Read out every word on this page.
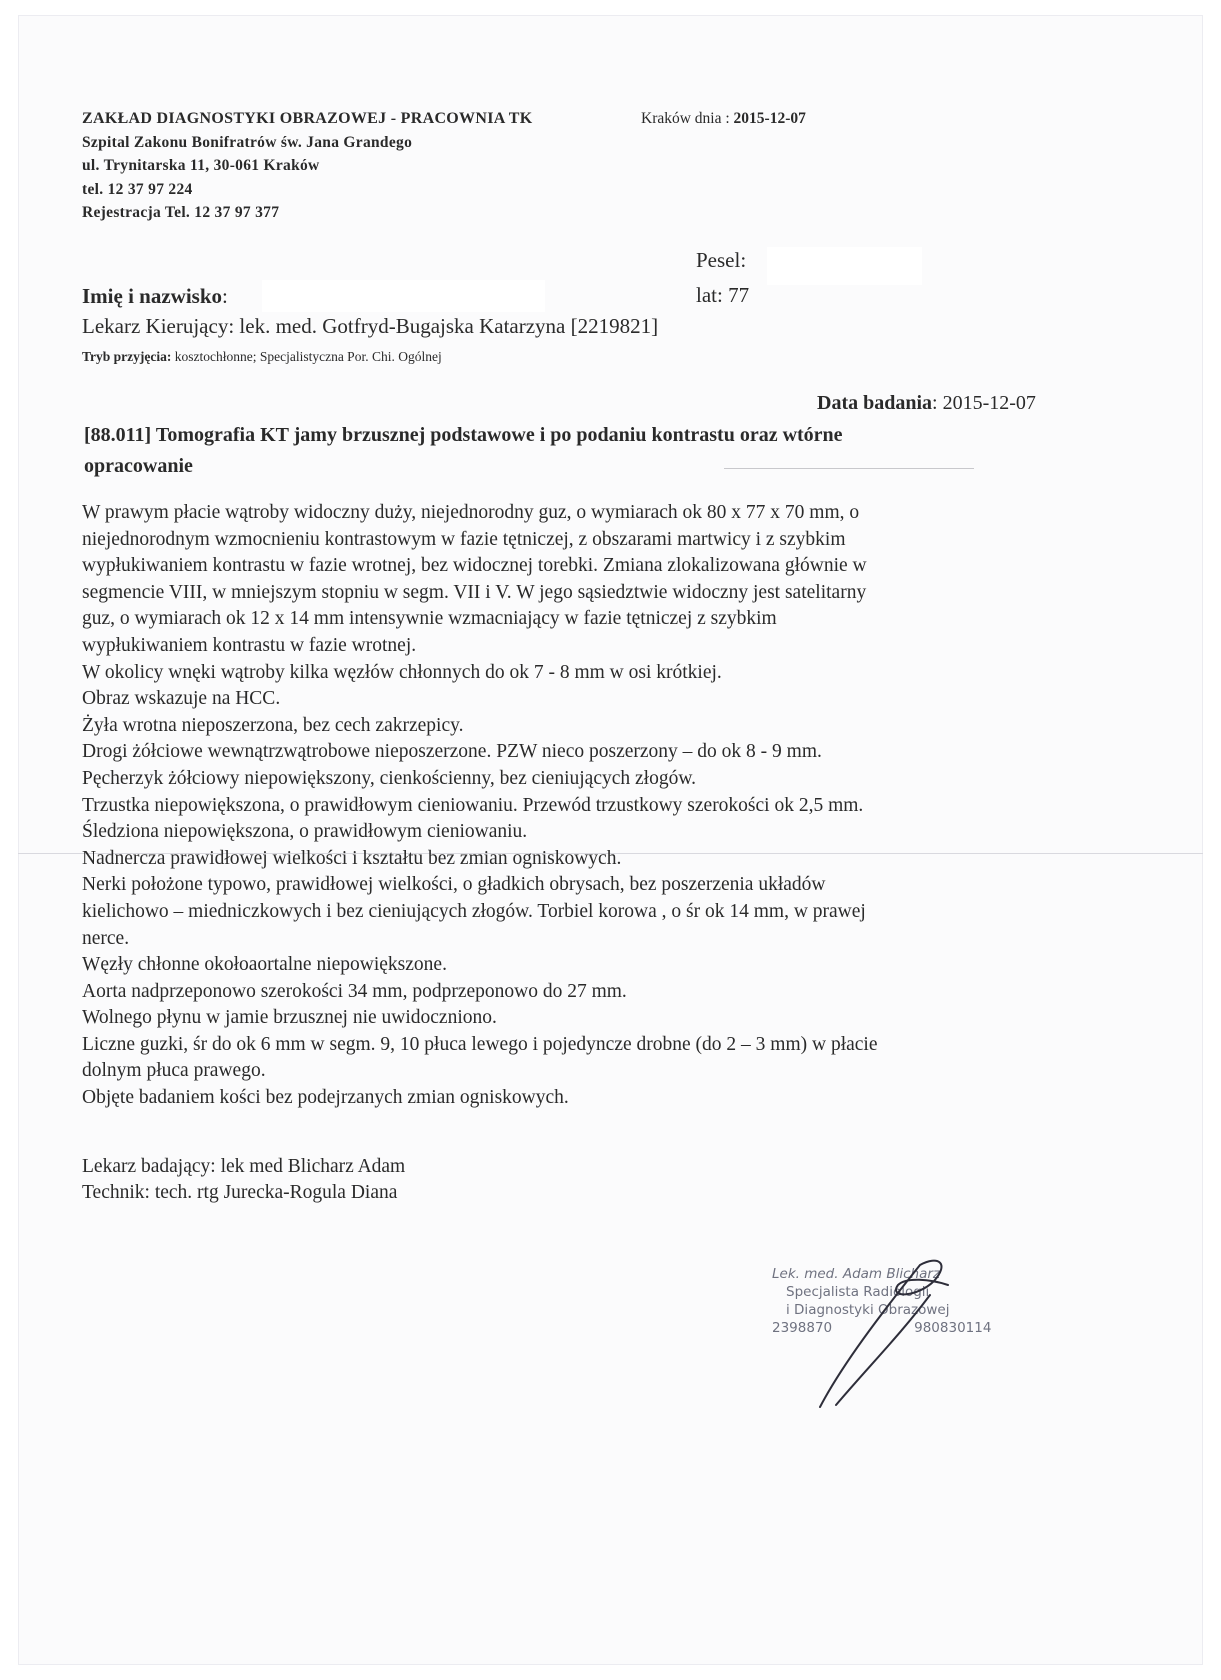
ZAKŁAD DIAGNOSTYKI OBRAZOWEJ - PRACOWNIA TK	Kraków dnia : 2015-12-07
Szpital Zakonu Bonifratrów św. Jana Grandego
ul. Trynitarska 11, 30-061 Kraków
tel. 12 37 97 224
Rejestracja Tel. 12 37 97 377
Pesel:
Imię i nazwisko:	lat: 77
Lekarz Kierujący: lek. med. Gotfryd-Bugajska Katarzyna [2219821]
Tryb przyjęcia: kosztochłonne; Specjalistyczna Por. Chi. Ogólnej
Data badania: 2015-12-07
[88.011] Tomografia KT jamy brzusznej podstawowe i po podaniu kontrastu oraz wtórne
opracowanie
W prawym płacie wątroby widoczny duży, niejednorodny guz, o wymiarach ok 80 x 77 x 70 mm, o
niejednorodnym wzmocnieniu kontrastowym w fazie tętniczej, z obszarami martwicy i z szybkim
wypłukiwaniem kontrastu w fazie wrotnej, bez widocznej torebki. Zmiana zlokalizowana głównie w
segmencie VIII, w mniejszym stopniu w segm. VII i V. W jego sąsiedztwie widoczny jest satelitarny
guz, o wymiarach ok 12 x 14 mm intensywnie wzmacniający w fazie tętniczej z szybkim
wypłukiwaniem kontrastu w fazie wrotnej.
W okolicy wnęki wątroby kilka węzłów chłonnych do ok 7 - 8 mm w osi krótkiej.
Obraz wskazuje na HCC.
Żyła wrotna nieposzerzona, bez cech zakrzepicy.
Drogi żółciowe wewnątrzwątrobowe nieposzerzone. PZW nieco poszerzony – do ok 8 - 9 mm.
Pęcherzyk żółciowy niepowiększony, cienkościenny, bez cieniujących złogów.
Trzustka niepowiększona, o prawidłowym cieniowaniu. Przewód trzustkowy szerokości ok 2,5 mm.
Śledziona niepowiększona, o prawidłowym cieniowaniu.
Nadnercza prawidłowej wielkości i kształtu bez zmian ogniskowych.
Nerki położone typowo, prawidłowej wielkości, o gładkich obrysach, bez poszerzenia układów
kielichowo – miedniczkowych i bez cieniujących złogów. Torbiel korowa , o śr ok 14 mm, w prawej
nerce.
Węzły chłonne okołoaortalne niepowiększone.
Aorta nadprzeponowo szerokości 34 mm, podprzeponowo do 27 mm.
Wolnego płynu w jamie brzusznej nie uwidoczniono.
Liczne guzki, śr do ok 6 mm w segm. 9, 10 płuca lewego i pojedyncze drobne (do 2 – 3 mm) w płacie
dolnym płuca prawego.
Objęte badaniem kości bez podejrzanych zmian ogniskowych.
Lekarz badający: lek med Blicharz Adam
Technik: tech. rtg Jurecka-Rogula Diana
Lek. med. Adam Blicharz
Specjalista Radiologii
i Diagnostyki Obrazowej
2398870	980830114
